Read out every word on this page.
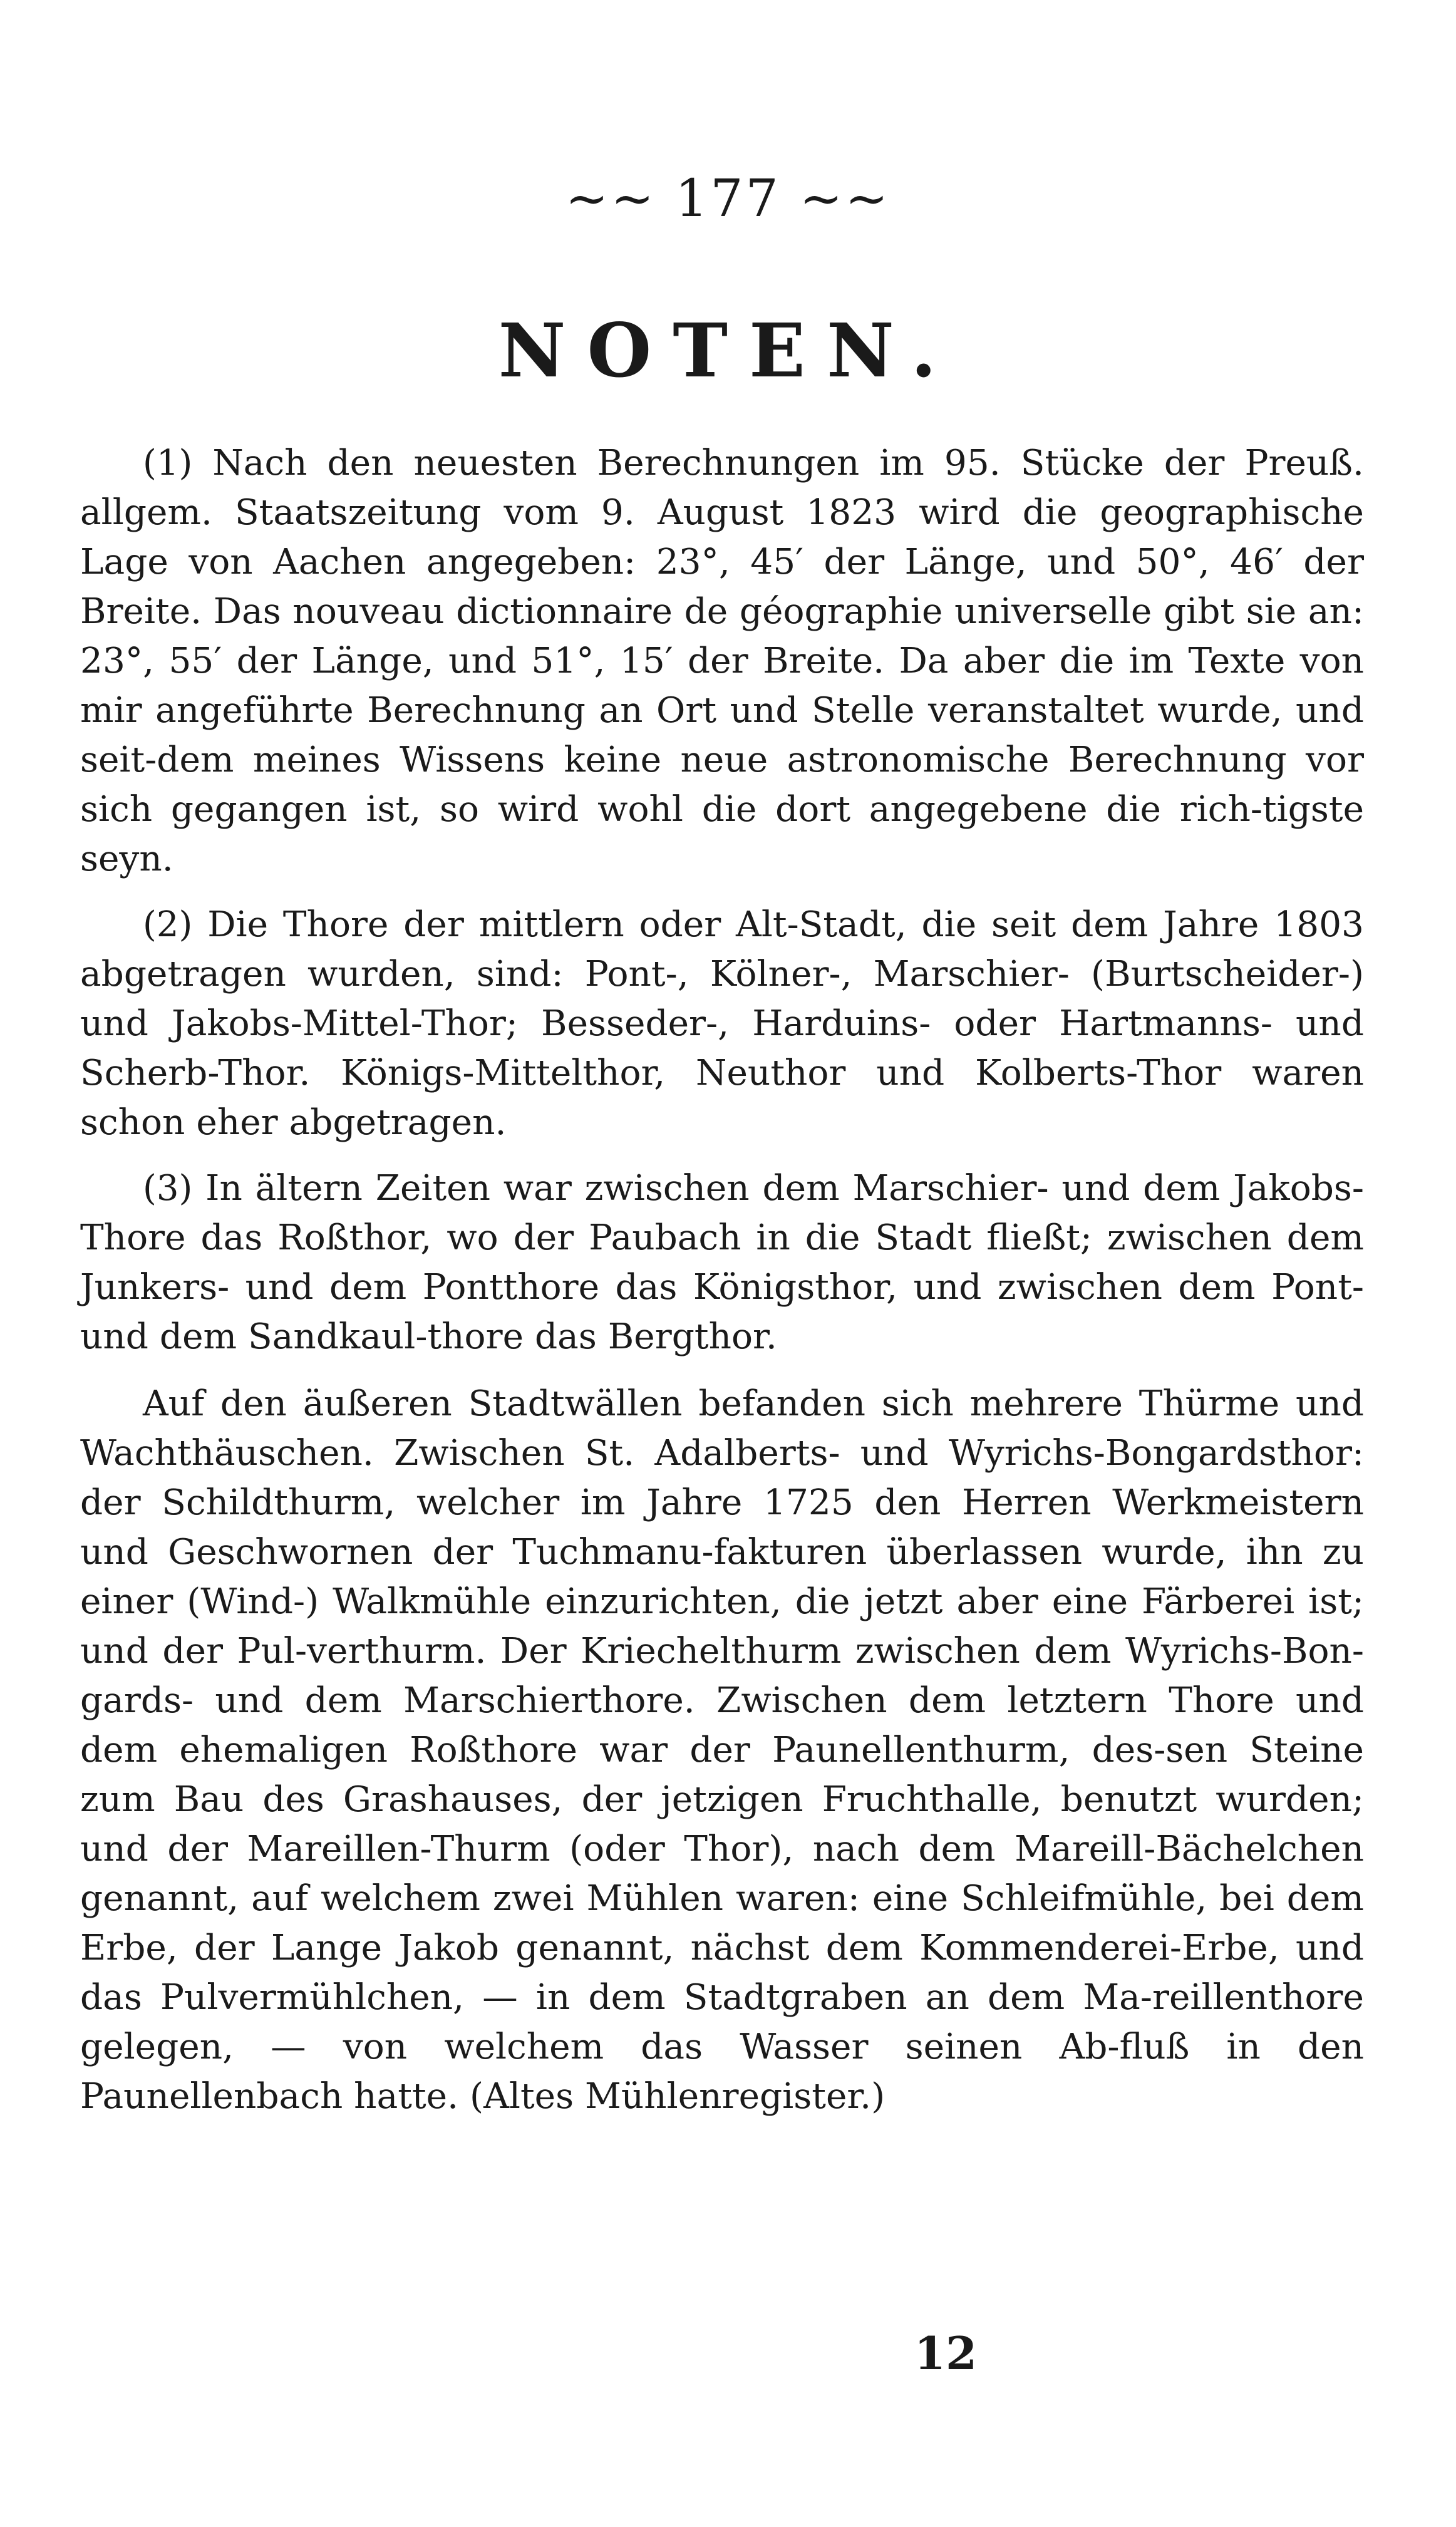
~~ 177 ~~
NOTEN.

(1) Nach den neuesten Berechnungen im 95. Stücke der Preuß. allgem. Staatszeitung vom 9. August 1823 wird die geographische Lage von Aachen angegeben: 23°, 45′ der Länge, und 50°, 46′ der Breite. Das nouveau dictionnaire de géographie universelle gibt sie an: 23°, 55′ der Länge, und 51°, 15′ der Breite. Da aber die im Texte von mir angeführte Berechnung an Ort und Stelle veranstaltet wurde, und seit-dem meines Wissens keine neue astronomische Berechnung vor sich gegangen ist, so wird wohl die dort angegebene die rich-tigste seyn.

(2) Die Thore der mittlern oder Alt-Stadt, die seit dem Jahre 1803 abgetragen wurden, sind: Pont-, Kölner-, Marschier- (Burtscheider-) und Jakobs-Mittel-Thor; Besseder-, Harduins- oder Hartmanns- und Scherb-Thor. Königs-Mittelthor, Neuthor und Kolberts-Thor waren schon eher abgetragen.

(3) In ältern Zeiten war zwischen dem Marschier- und dem Jakobs-Thore das Roßthor, wo der Paubach in die Stadt fließt; zwischen dem Junkers- und dem Pontthore das Königsthor, und zwischen dem Pont- und dem Sandkaul-thore das Bergthor.

Auf den äußeren Stadtwällen befanden sich mehrere Thürme und Wachthäuschen. Zwischen St. Adalberts- und Wyrichs-Bongardsthor: der Schildthurm, welcher im Jahre 1725 den Herren Werkmeistern und Geschwornen der Tuchmanu-fakturen überlassen wurde, ihn zu einer (Wind-) Walkmühle einzurichten, die jetzt aber eine Färberei ist; und der Pul-verthurm. Der Kriechelthurm zwischen dem Wyrichs-Bon-gards- und dem Marschierthore. Zwischen dem letztern Thore und dem ehemaligen Roßthore war der Paunellenthurm, des-sen Steine zum Bau des Grashauses, der jetzigen Fruchthalle, benutzt wurden; und der Mareillen-Thurm (oder Thor), nach dem Mareill-Bächelchen genannt, auf welchem zwei Mühlen waren: eine Schleifmühle, bei dem Erbe, der Lange Jakob genannt, nächst dem Kommenderei-Erbe, und das Pulvermühlchen, — in dem Stadtgraben an dem Ma-reillenthore gelegen, — von welchem das Wasser seinen Ab-fluß in den Paunellenbach hatte. (Altes Mühlenregister.)

12
